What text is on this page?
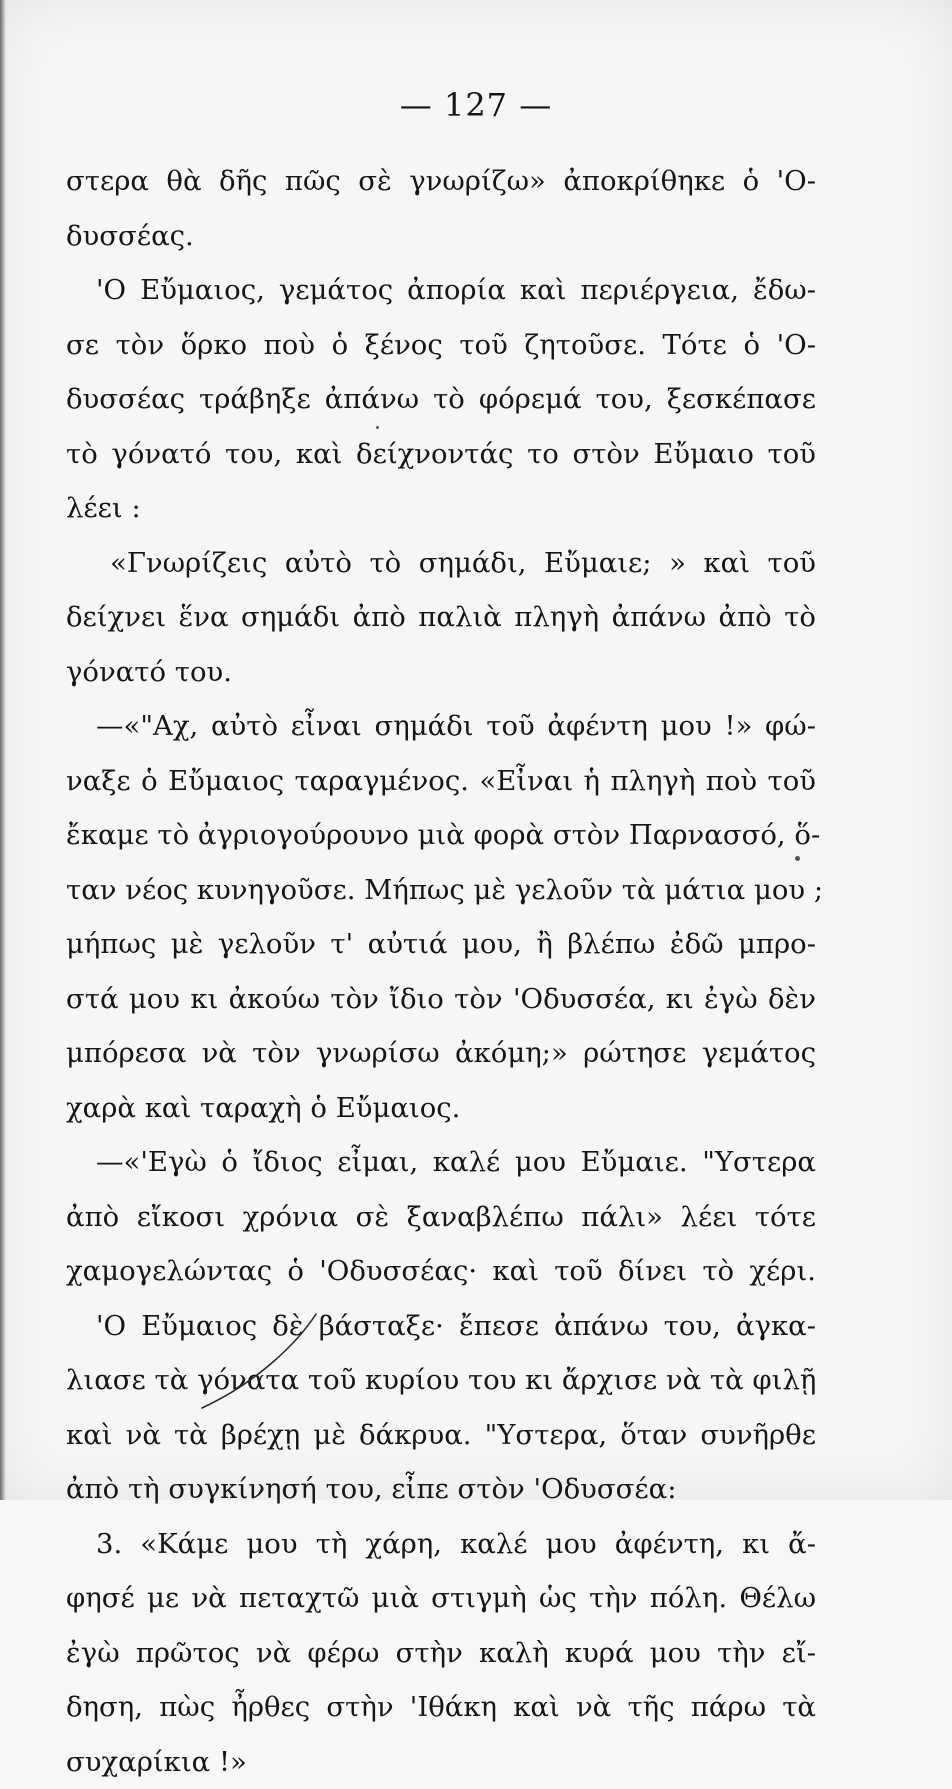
— 127 —
στερα θὰ δῆς πῶς σὲ γνωρίζω» ἀποκρίθηκε ὁ 'Ο-
δυσσέας.
'Ο Εὔμαιος, γεμάτος ἀπορία καὶ περιέργεια, ἔδω-
σε τὸν ὅρκο ποὺ ὁ ξένος τοῦ ζητοῦσε. Τότε ὁ 'Ο-
δυσσέας τράβηξε ἀπάνω τὸ φόρεμά του, ξεσκέπασε
τὸ γόνατό του, καὶ δείχνοντάς το στὸν Εὔμαιο τοῦ
λέει :
«Γνωρίζεις αὐτὸ τὸ σημάδι, Εὔμαιε; » καὶ τοῦ
δείχνει ἕνα σημάδι ἀπὸ παλιὰ πληγὴ ἀπάνω ἀπὸ τὸ
γόνατό του.
—«"Αχ, αὐτὸ εἶναι σημάδι τοῦ ἀφέντη μου !» φώ-
ναξε ὁ Εὔμαιος ταραγμένος. «Εἶναι ἡ πληγὴ ποὺ τοῦ
ἔκαμε τὸ ἀγριογούρουνο μιὰ φορὰ στὸν Παρνασσό, ὅ-
ταν νέος κυνηγοῦσε. Μήπως μὲ γελοῦν τὰ μάτια μου ;
μήπως μὲ γελοῦν τ' αὐτιά μου, ἢ βλέπω ἐδῶ μπρο-
στά μου κι ἀκούω τὸν ἴδιο τὸν 'Οδυσσέα, κι ἐγὼ δὲν
μπόρεσα νὰ τὸν γνωρίσω ἀκόμη;» ρώτησε γεμάτος
χαρὰ καὶ ταραχὴ ὁ Εὔμαιος.
—«'Εγὼ ὁ ἴδιος εἶμαι, καλέ μου Εὔμαιε. "Υστερα
ἀπὸ εἴκοσι χρόνια σὲ ξαναβλέπω πάλι» λέει τότε
χαμογελώντας ὁ 'Οδυσσέας· καὶ τοῦ δίνει τὸ χέρι.
'Ο Εὔμαιος δὲ βάσταξε· ἔπεσε ἀπάνω του, ἀγκα-
λιασε τὰ γόνατα τοῦ κυρίου του κι ἄρχισε νὰ τὰ φιλῇ
καὶ νὰ τὰ βρέχῃ μὲ δάκρυα. "Υστερα, ὅταν συνῆρθε
ἀπὸ τὴ συγκίνησή του, εἶπε στὸν 'Οδυσσέα:
3. «Κάμε μου τὴ χάρη, καλέ μου ἀφέντη, κι ἄ-
φησέ με νὰ πεταχτῶ μιὰ στιγμὴ ὡς τὴν πόλη. Θέλω
ἐγὼ πρῶτος νὰ φέρω στὴν καλὴ κυρά μου τὴν εἴ-
δηση, πὼς ἦρθες στὴν 'Ιθάκη καὶ νὰ τῆς πάρω τὰ
συχαρίκια !»
